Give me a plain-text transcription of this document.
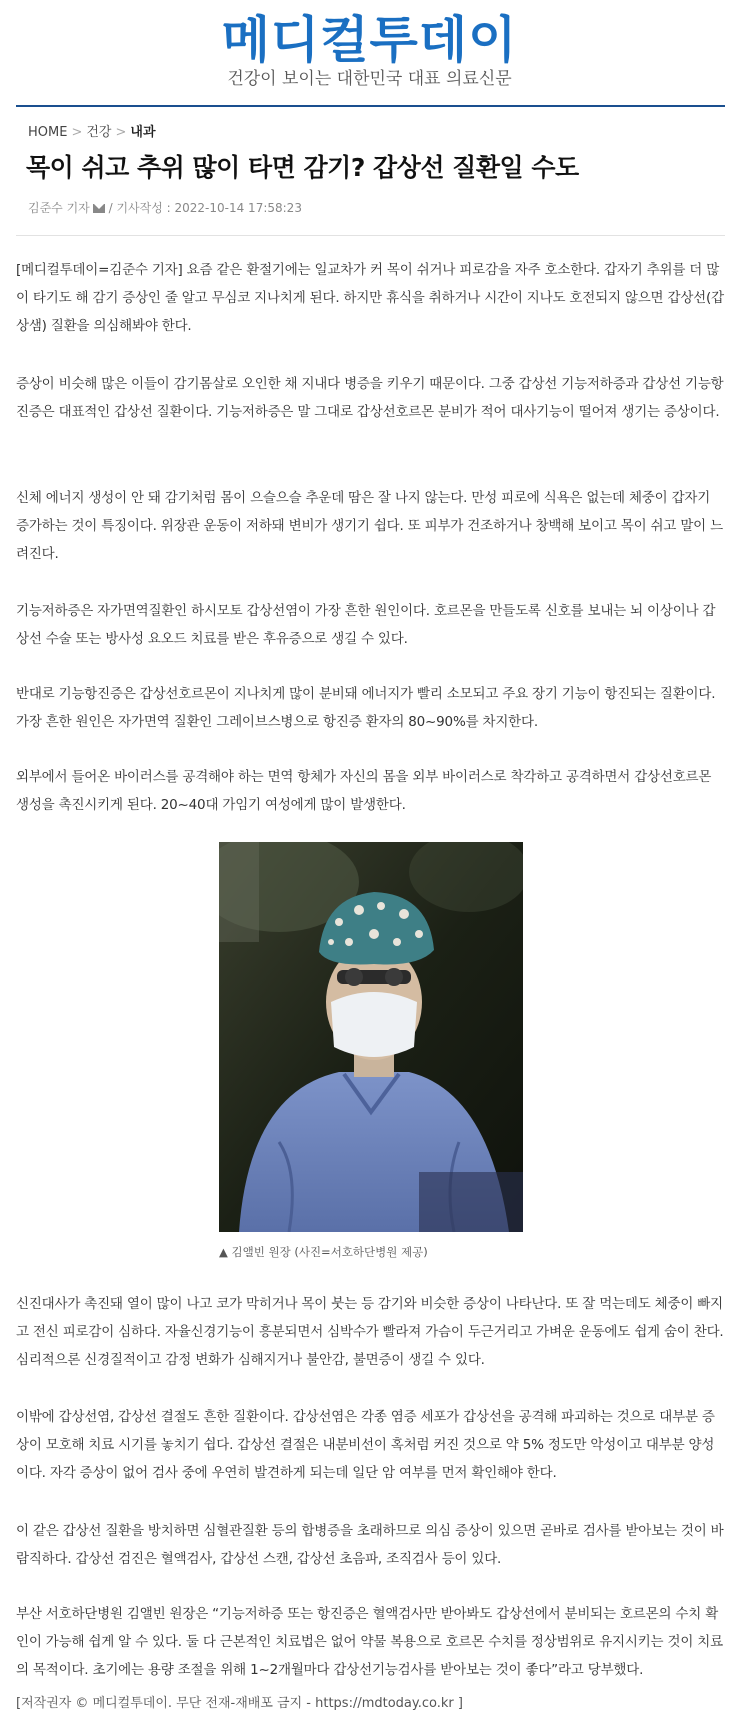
메디컬투데이
건강이 보이는 대한민국 대표 의료신문
HOME > 건강 > 내과
목이 쉬고 추위 많이 타면 감기? 갑상선 질환일 수도
김준수 기자 / 기사작성 : 2022-10-14 17:58:23
[메디컬투데이=김준수 기자] 요즘 같은 환절기에는 일교차가 커 목이 쉬거나 피로감을 자주 호소한다. 갑자기 추위를 더 많이 타기도 해 감기 증상인 줄 알고 무심코 지나치게 된다. 하지만 휴식을 취하거나 시간이 지나도 호전되지 않으면 갑상선(갑상샘) 질환을 의심해봐야 한다.
증상이 비슷해 많은 이들이 감기몸살로 오인한 채 지내다 병증을 키우기 때문이다. 그중 갑상선 기능저하증과 갑상선 기능항진증은 대표적인 갑상선 질환이다. 기능저하증은 말 그대로 갑상선호르몬 분비가 적어 대사기능이 떨어져 생기는 증상이다.
신체 에너지 생성이 안 돼 감기처럼 몸이 으슬으슬 추운데 땀은 잘 나지 않는다. 만성 피로에 식욕은 없는데 체중이 갑자기 증가하는 것이 특징이다. 위장관 운동이 저하돼 변비가 생기기 쉽다. 또 피부가 건조하거나 창백해 보이고 목이 쉬고 말이 느려진다.
기능저하증은 자가면역질환인 하시모토 갑상선염이 가장 흔한 원인이다. 호르몬을 만들도록 신호를 보내는 뇌 이상이나 갑상선 수술 또는 방사성 요오드 치료를 받은 후유증으로 생길 수 있다.
반대로 기능항진증은 갑상선호르몬이 지나치게 많이 분비돼 에너지가 빨리 소모되고 주요 장기 기능이 항진되는 질환이다. 가장 흔한 원인은 자가면역 질환인 그레이브스병으로 항진증 환자의 80~90%를 차지한다.
외부에서 들어온 바이러스를 공격해야 하는 면역 항체가 자신의 몸을 외부 바이러스로 착각하고 공격하면서 갑상선호르몬 생성을 촉진시키게 된다. 20~40대 가임기 여성에게 많이 발생한다.
▲ 김앨빈 원장 (사진=서호하단병원 제공)
신진대사가 촉진돼 열이 많이 나고 코가 막히거나 목이 붓는 등 감기와 비슷한 증상이 나타난다. 또 잘 먹는데도 체중이 빠지고 전신 피로감이 심하다. 자율신경기능이 흥분되면서 심박수가 빨라져 가슴이 두근거리고 가벼운 운동에도 쉽게 숨이 찬다. 심리적으론 신경질적이고 감정 변화가 심해지거나 불안감, 불면증이 생길 수 있다.
이밖에 갑상선염, 갑상선 결절도 흔한 질환이다. 갑상선염은 각종 염증 세포가 갑상선을 공격해 파괴하는 것으로 대부분 증상이 모호해 치료 시기를 놓치기 쉽다. 갑상선 결절은 내분비선이 혹처럼 커진 것으로 약 5% 정도만 악성이고 대부분 양성이다. 자각 증상이 없어 검사 중에 우연히 발견하게 되는데 일단 암 여부를 먼저 확인해야 한다.
이 같은 갑상선 질환을 방치하면 심혈관질환 등의 합병증을 초래하므로 의심 증상이 있으면 곧바로 검사를 받아보는 것이 바람직하다. 갑상선 검진은 혈액검사, 갑상선 스캔, 갑상선 초음파, 조직검사 등이 있다.
부산 서호하단병원 김앨빈 원장은 “기능저하증 또는 항진증은 혈액검사만 받아봐도 갑상선에서 분비되는 호르몬의 수치 확인이 가능해 쉽게 알 수 있다. 둘 다 근본적인 치료법은 없어 약물 복용으로 호르몬 수치를 정상범위로 유지시키는 것이 치료의 목적이다. 초기에는 용량 조절을 위해 1~2개월마다 갑상선기능검사를 받아보는 것이 좋다”라고 당부했다.
[저작권자 © 메디컬투데이. 무단 전재-재배포 금지 - https://mdtoday.co.kr ]
